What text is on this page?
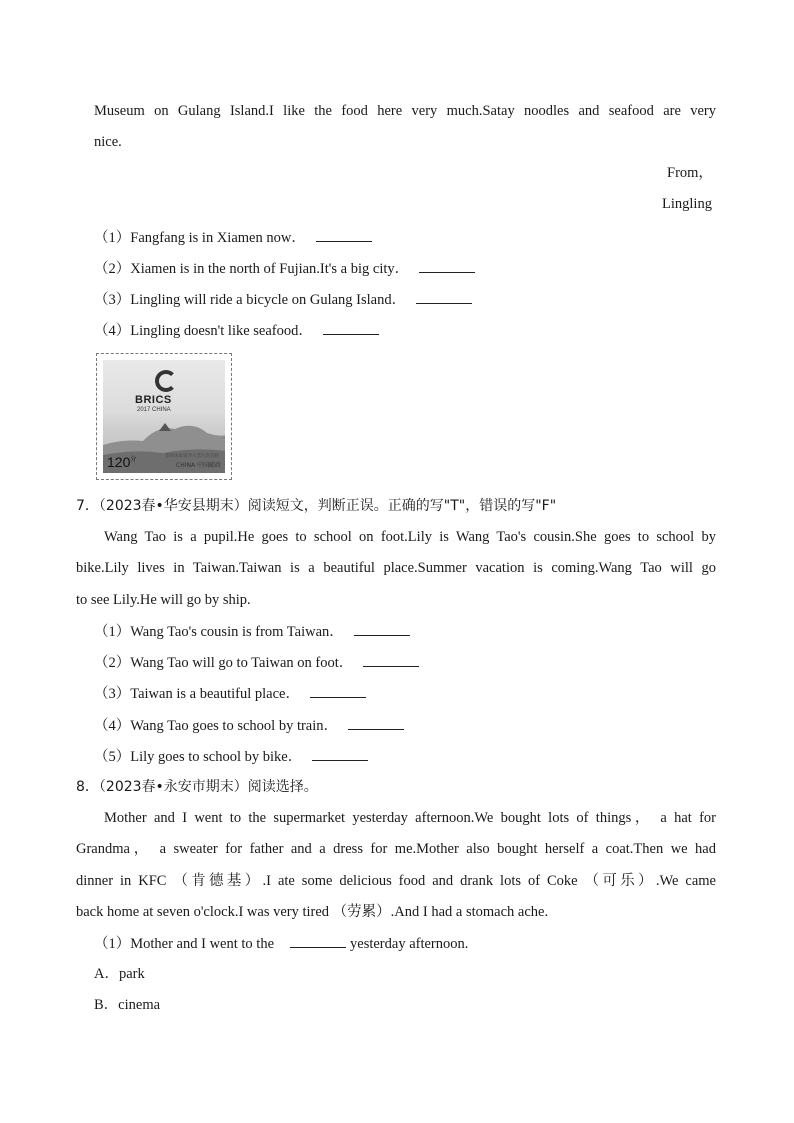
Museum on Gulang Island.I like the food here very much.Satay noodles and seafood are very
nice.
From，
Lingling
（1）Fangfang is in Xiamen now．
（2）Xiamen is in the north of Fujian.It's a big city．
（3）Lingling will ride a bicycle on Gulang Island．
（4）Lingling doesn't like seafood．
BRICS
2017 CHINA
金砖国家领导人第九次会晤
$120^分$
CHINA 中国邮政
7．（2023春•华安县期末）阅读短文，判断正误。正确的写"T"，错误的写"F"
Wang Tao is a pupil.He goes to school on foot.Lily is Wang Tao's cousin.She goes to school by
bike.Lily lives in Taiwan.Taiwan is a beautiful place.Summer vacation is coming.Wang Tao will go
to see Lily.He will go by ship.
（1）Wang Tao's cousin is from Taiwan．
（2）Wang Tao will go to Taiwan on foot．
（3）Taiwan is a beautiful place．
（4）Wang Tao goes to school by train．
（5）Lily goes to school by bike．
8．（2023春•永安市期末）阅读选择。
Mother and I went to the supermarket yesterday afternoon.We bought lots of things， a hat for
Grandma， a sweater for father and a dress for me.Mother also bought herself a coat.Then we had
dinner in KFC （肯德基）.I ate some delicious food and drank lots of Coke （可乐）.We came
back home at seven o'clock.I was very tired （劳累）.And I had a stomach ache.
（1）Mother and I went to the	yesterday afternoon.
A．park
B．cinema
